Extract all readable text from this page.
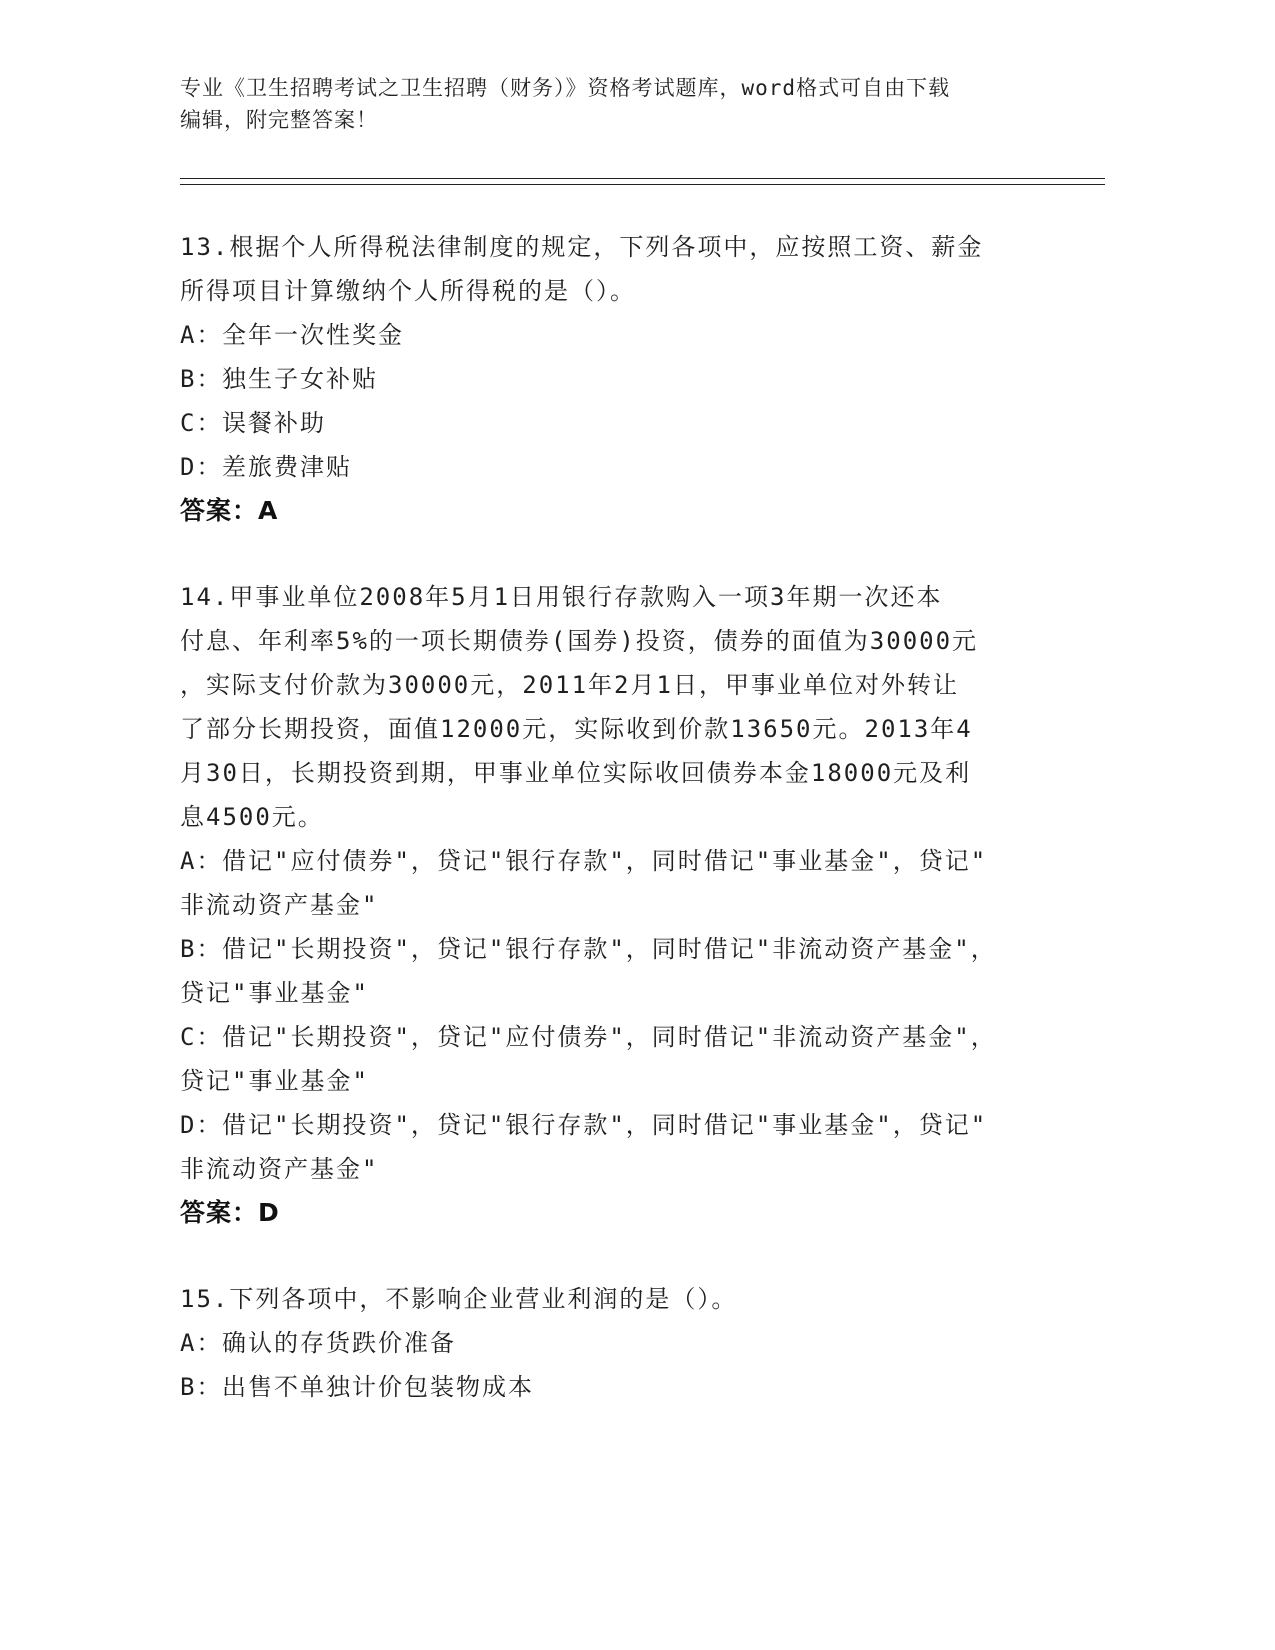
专业《卫生招聘考试之卫生招聘（财务）》资格考试题库，word格式可自由下载
编辑，附完整答案！
13.根据个人所得税法律制度的规定，下列各项中，应按照工资、薪金
所得项目计算缴纳个人所得税的是（）。
A：全年一次性奖金
B：独生子女补贴
C：误餐补助
D：差旅费津贴
答案：A
14.甲事业单位2008年5月1日用银行存款购入一项3年期一次还本
付息、年利率5%的一项长期债券(国券)投资，债券的面值为30000元
，实际支付价款为30000元，2011年2月1日，甲事业单位对外转让
了部分长期投资，面值12000元，实际收到价款13650元。2013年4
月30日，长期投资到期，甲事业单位实际收回债券本金18000元及利
息4500元。
A：借记"应付债券"，贷记"银行存款"，同时借记"事业基金"，贷记"
非流动资产基金"
B：借记"长期投资"，贷记"银行存款"，同时借记"非流动资产基金"，
贷记"事业基金"
C：借记"长期投资"，贷记"应付债券"，同时借记"非流动资产基金"，
贷记"事业基金"
D：借记"长期投资"，贷记"银行存款"，同时借记"事业基金"，贷记"
非流动资产基金"
答案：D
15.下列各项中，不影响企业营业利润的是（）。
A：确认的存货跌价准备
B：出售不单独计价包装物成本
